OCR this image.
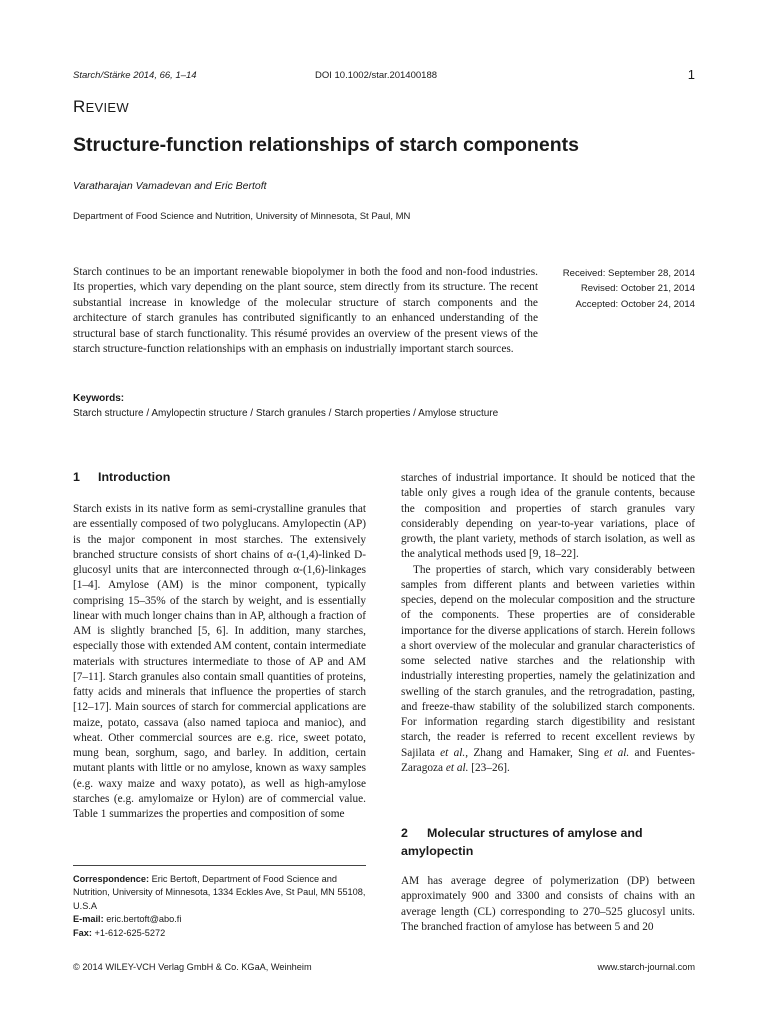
Starch/Stärke 2014, 66, 1–14	DOI 10.1002/star.201400188	1
REVIEW
Structure-function relationships of starch components
Varatharajan Vamadevan and Eric Bertoft
Department of Food Science and Nutrition, University of Minnesota, St Paul, MN
Starch continues to be an important renewable biopolymer in both the food and non-food industries. Its properties, which vary depending on the plant source, stem directly from its structure. The recent substantial increase in knowledge of the molecular structure of starch components and the architecture of starch granules has contributed significantly to an enhanced understanding of the structural base of starch functionality. This résumé provides an overview of the present views of the starch structure-function relationships with an emphasis on industrially important starch sources.
Received: September 28, 2014
Revised: October 21, 2014
Accepted: October 24, 2014
Keywords:
Starch structure / Amylopectin structure / Starch granules / Starch properties / Amylose structure
1 Introduction

Starch exists in its native form as semi-crystalline granules that are essentially composed of two polyglucans. Amylopectin (AP) is the major component in most starches. The extensively branched structure consists of short chains of α-(1,4)-linked D-glucosyl units that are interconnected through α-(1,6)-linkages [1–4]. Amylose (AM) is the minor component, typically comprising 15–35% of the starch by weight, and is essentially linear with much longer chains than in AP, although a fraction of AM is slightly branched [5, 6]. In addition, many starches, especially those with extended AM content, contain intermediate materials with structures intermediate to those of AP and AM [7–11]. Starch granules also contain small quantities of proteins, fatty acids and minerals that influence the properties of starch [12–17]. Main sources of starch for commercial applications are maize, potato, cassava (also named tapioca and manioc), and wheat. Other commercial sources are e.g. rice, sweet potato, mung bean, sorghum, sago, and barley. In addition, certain mutant plants with little or no amylose, known as waxy samples (e.g. waxy maize and waxy potato), as well as high-amylose starches (e.g. amylomaize or Hylon) are of commercial value. Table 1 summarizes the properties and composition of some

starches of industrial importance. It should be noticed that the table only gives a rough idea of the granule contents, because the composition and properties of starch granules vary considerably depending on year-to-year variations, place of growth, the plant variety, methods of starch isolation, as well as the analytical methods used [9, 18–22].

The properties of starch, which vary considerably between samples from different plants and between varieties within species, depend on the molecular composition and the structure of the components. These properties are of considerable importance for the diverse applications of starch. Herein follows a short overview of the molecular and granular characteristics of some selected native starches and the relationship with industrially interesting properties, namely the gelatinization and swelling of the starch granules, and the retrogradation, pasting, and freeze-thaw stability of the solubilized starch components. For information regarding starch digestibility and resistant starch, the reader is referred to recent excellent reviews by Sajilata et al., Zhang and Hamaker, Sing et al. and Fuentes-Zaragoza et al. [23–26].

2 Molecular structures of amylose and amylopectin

AM has average degree of polymerization (DP) between approximately 900 and 3300 and consists of chains with an average length (CL) corresponding to 270–525 glucosyl units. The branched fraction of amylose has between 5 and 20

Correspondence: Eric Bertoft, Department of Food Science and Nutrition, University of Minnesota, 1334 Eckles Ave, St Paul, MN 55108, U.S.A
E-mail: eric.bertoft@abo.fi
Fax: +1-612-625-5272
© 2014 WILEY-VCH Verlag GmbH & Co. KGaA, Weinheim	www.starch-journal.com
